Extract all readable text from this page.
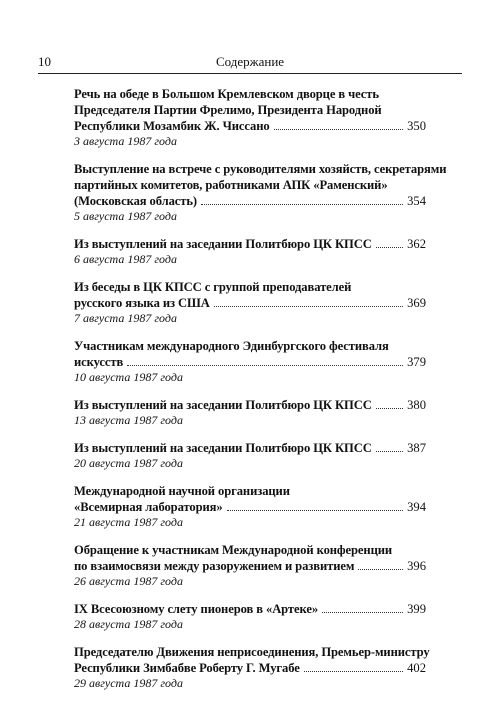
10	Содержание
Речь на обеде в Большом Кремлевском дворце в честь
Председателя Партии Фрелимо, Президента Народной
Республики Мозамбик Ж. Чиссано	350
3 августа 1987 года
Выступление на встрече с руководителями хозяйств, секретарями
партийных комитетов, работниками АПК «Раменский»
(Московская область)	354
5 августа 1987 года
Из выступлений на заседании Политбюро ЦК КПСС	362
6 августа 1987 года
Из беседы в ЦК КПСС с группой преподавателей
русского языка из США	369
7 августа 1987 года
Участникам международного Эдинбургского фестиваля
искусств	379
10 августа 1987 года
Из выступлений на заседании Политбюро ЦК КПСС	380
13 августа 1987 года
Из выступлений на заседании Политбюро ЦК КПСС	387
20 августа 1987 года
Международной научной организации
«Всемирная лаборатория»	394
21 августа 1987 года
Обращение к участникам Международной конференции
по взаимосвязи между разоружением и развитием	396
26 августа 1987 года
IX Всесоюзному слету пионеров в «Артеке»	399
28 августа 1987 года
Председателю Движения неприсоединения, Премьер-министру
Республики Зимбабве Роберту Г. Мугабе	402
29 августа 1987 года
